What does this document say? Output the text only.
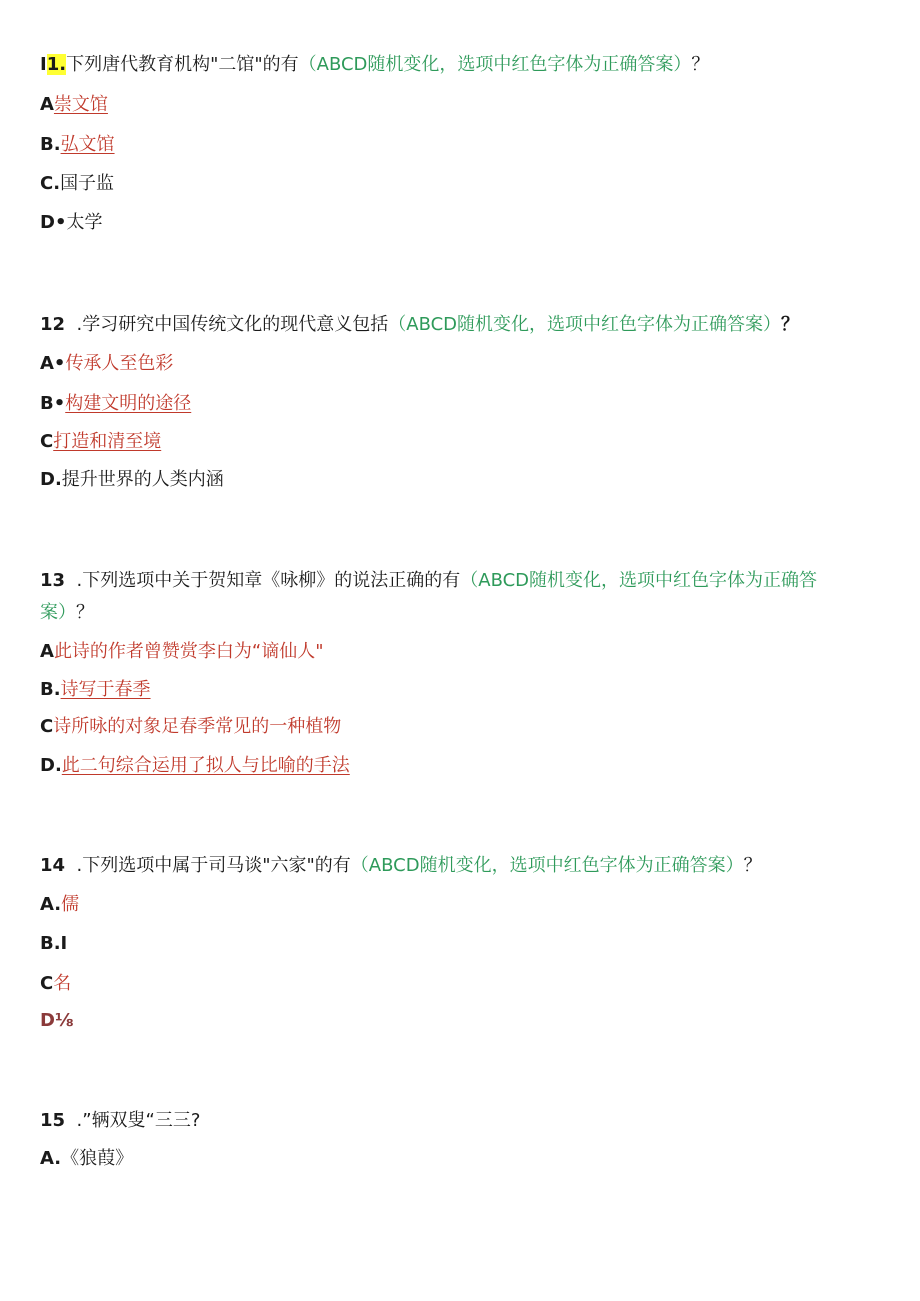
I1.下列唐代教育机构"二馆"的有（ABCD随机变化，选项中红色字体为正确答案）？
A崇文馆
B.弘文馆
C.国子监
D•太学
12 .学习研究中国传统文化的现代意义包括（ABCD随机变化，选项中红色字体为正确答案）？
A•传承人至色彩
B•构建文明的途径
C打造和清至境
D.提升世界的人类内涵
13 .下列选项中关于贺知章《咏柳》的说法正确的有（ABCD随机变化，选项中红色字体为正确答案）？
A此诗的作者曾赞赏李白为“谪仙人"
B.诗写于春季
C诗所咏的对象足春季常见的一种植物
D.此二句综合运用了拟人与比喻的手法
14 .下列选项中属于司马谈"六家"的有（ABCD随机变化，选项中红色字体为正确答案）？
A.儒
B.I
C名
D⅛
15 .”辆双叟“三三?
A.《狼葭》
